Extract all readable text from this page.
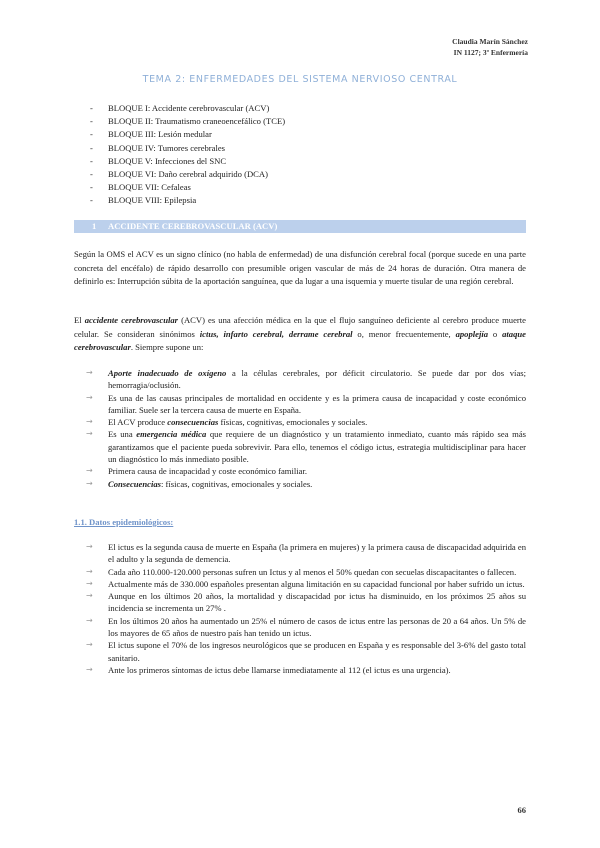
Claudia Marín Sánchez
IN 1127; 3º Enfermería
TEMA 2: ENFERMEDADES DEL SISTEMA NERVIOSO CENTRAL
- BLOQUE I: Accidente cerebrovascular (ACV)
- BLOQUE II: Traumatismo craneoencefálico (TCE)
- BLOQUE III: Lesión medular
- BLOQUE IV: Tumores cerebrales
- BLOQUE V: Infecciones del SNC
- BLOQUE VI: Daño cerebral adquirido (DCA)
- BLOQUE VII: Cefaleas
- BLOQUE VIII: Epilepsia
1 ACCIDENTE CEREBROVASCULAR (ACV)

Según la OMS el ACV es un signo clínico (no habla de enfermedad) de una disfunción cerebral focal (porque sucede en una parte concreta del encéfalo) de rápido desarrollo con presumible origen vascular de más de 24 horas de duración. Otra manera de definirlo es: Interrupción súbita de la aportación sanguínea, que da lugar a una isquemia y muerte tisular de una región cerebral.

El accidente cerebrovascular (ACV) es una afección médica en la que el flujo sanguíneo deficiente al cerebro produce muerte celular. Se consideran sinónimos ictus, infarto cerebral, derrame cerebral o, menor frecuentemente, apoplejía o ataque cerebrovascular. Siempre supone un:

→ Aporte inadecuado de oxígeno a la células cerebrales, por déficit circulatorio. Se puede dar por dos vías; hemorragia/oclusión.
→ Es una de las causas principales de mortalidad en occidente y es la primera causa de incapacidad y coste económico familiar. Suele ser la tercera causa de muerte en España.
→ El ACV produce consecuencias físicas, cognitivas, emocionales y sociales.
→ Es una emergencia médica que requiere de un diagnóstico y un tratamiento inmediato, cuanto más rápido sea más garantizamos que el paciente pueda sobrevivir. Para ello, tenemos el código ictus, estrategia multidisciplinar para hacer un diagnóstico lo más inmediato posible.
→ Primera causa de incapacidad y coste económico familiar.
→ Consecuencias: físicas, cognitivas, emocionales y sociales.
1.1. Datos epidemiológicos:
→ El ictus es la segunda causa de muerte en España (la primera en mujeres) y la primera causa de discapacidad adquirida en el adulto y la segunda de demencia.
→ Cada año 110.000-120.000 personas sufren un Ictus y al menos el 50% quedan con secuelas discapacitantes o fallecen.
→ Actualmente más de 330.000 españoles presentan alguna limitación en su capacidad funcional por haber sufrido un ictus.
→ Aunque en los últimos 20 años, la mortalidad y discapacidad por ictus ha disminuido, en los próximos 25 años su incidencia se incrementa un 27% .
→ En los últimos 20 años ha aumentado un 25% el número de casos de ictus entre las personas de 20 a 64 años. Un 5% de los mayores de 65 años de nuestro país han tenido un ictus.
→ El ictus supone el 70% de los ingresos neurológicos que se producen en España y es responsable del 3-6% del gasto total sanitario.
→ Ante los primeros síntomas de ictus debe llamarse inmediatamente al 112 (el ictus es una urgencia).
66
